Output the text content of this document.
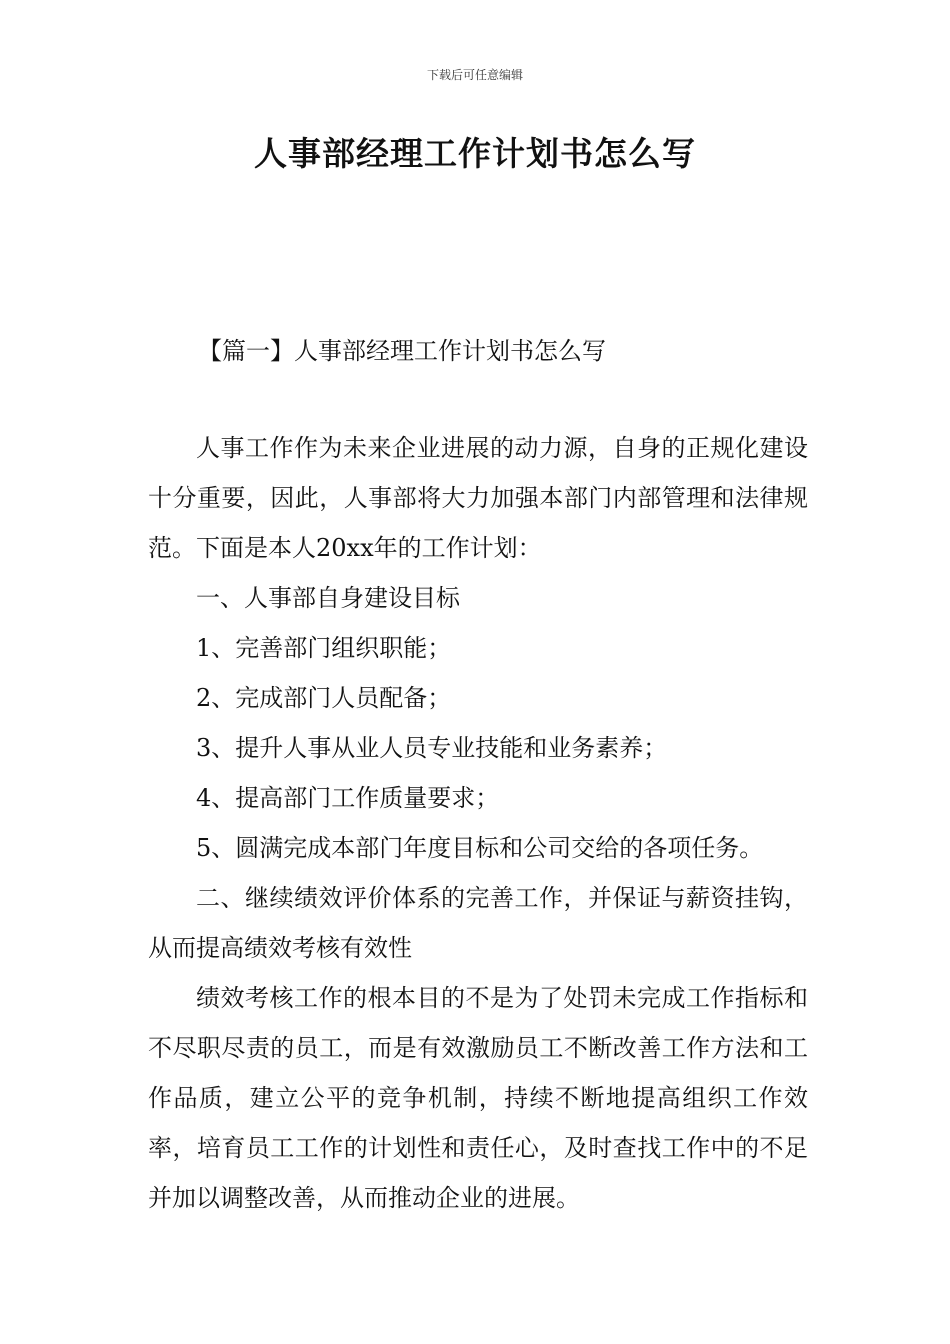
下载后可任意编辑
人事部经理工作计划书怎么写
【篇一】人事部经理工作计划书怎么写

人事工作作为未来企业进展的动力源，自身的正规化建设十分重要，因此，人事部将大力加强本部门内部管理和法律规范。下面是本人20xx年的工作计划：

一、人事部自身建设目标

1、完善部门组织职能；

2、完成部门人员配备；

3、提升人事从业人员专业技能和业务素养；

4、提高部门工作质量要求；

5、圆满完成本部门年度目标和公司交给的各项任务。

二、继续绩效评价体系的完善工作，并保证与薪资挂钩，从而提高绩效考核有效性

绩效考核工作的根本目的不是为了处罚未完成工作指标和不尽职尽责的员工，而是有效激励员工不断改善工作方法和工作品质，建立公平的竞争机制，持续不断地提高组织工作效率，培育员工工作的计划性和责任心，及时查找工作中的不足并加以调整改善，从而推动企业的进展。
